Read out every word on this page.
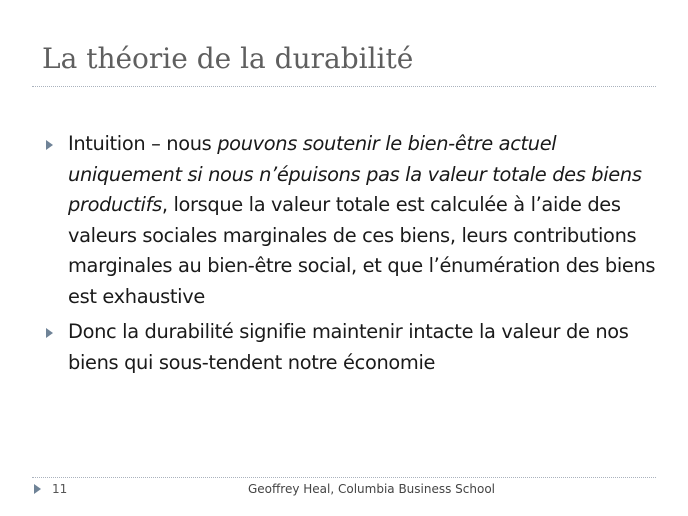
La théorie de la durabilité
Intuition – nous pouvons soutenir le bien-être actuel uniquement si nous n’épuisons pas la valeur totale des biens productifs, lorsque la valeur totale est calculée à l’aide des valeurs sociales marginales de ces biens, leurs contributions marginales au bien-être social, et que l’énumération des biens est exhaustive
Donc la durabilité signifie maintenir intacte la valeur de nos biens qui sous-tendent notre économie
11	Geoffrey Heal, Columbia Business School
